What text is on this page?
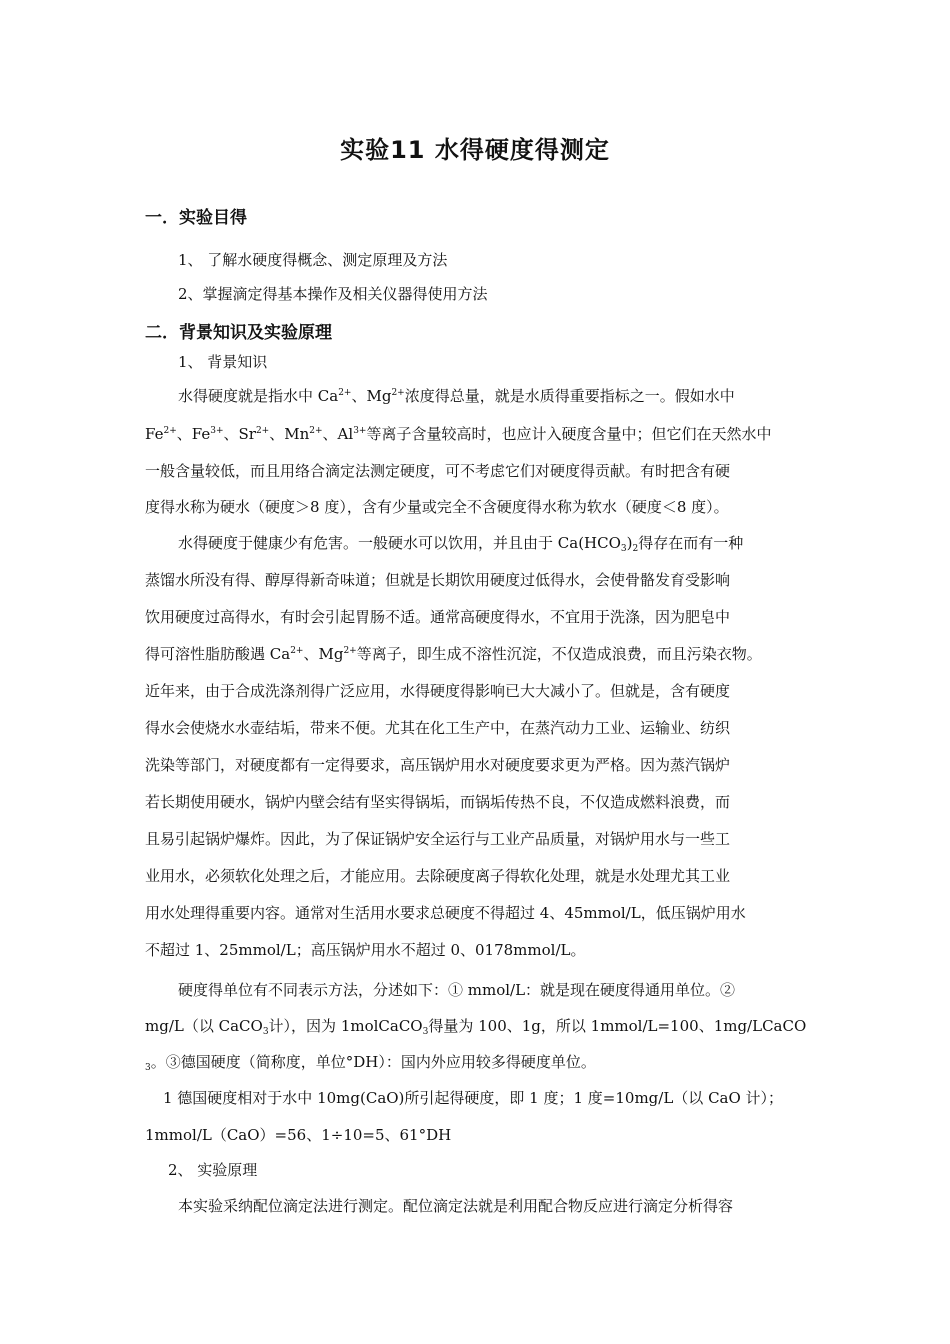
实验11 水得硬度得测定
一．实验目得
1、 了解水硬度得概念、测定原理及方法
2、掌握滴定得基本操作及相关仪器得使用方法
二．背景知识及实验原理
1、 背景知识
水得硬度就是指水中 $Ca^{2+}$、$Mg^{2+}$浓度得总量，就是水质得重要指标之一。假如水中
$Fe^{2+}$、$Fe^{3+}$、$Sr^{2+}$、$Mn^{2+}$、$Al^{3+}$等离子含量较高时，也应计入硬度含量中；但它们在天然水中
一般含量较低，而且用络合滴定法测定硬度，可不考虑它们对硬度得贡献。有时把含有硬
度得水称为硬水（硬度＞8 度），含有少量或完全不含硬度得水称为软水（硬度＜8 度）。
水得硬度于健康少有危害。一般硬水可以饮用，并且由于 $Ca(HCO_3)_2$得存在而有一种
蒸馏水所没有得、醇厚得新奇味道；但就是长期饮用硬度过低得水，会使骨骼发育受影响
饮用硬度过高得水，有时会引起胃肠不适。通常高硬度得水，不宜用于洗涤，因为肥皂中
得可溶性脂肪酸遇 $Ca^{2+}$、$Mg^{2+}$等离子，即生成不溶性沉淀，不仅造成浪费，而且污染衣物。
近年来，由于合成洗涤剂得广泛应用，水得硬度得影响已大大减小了。但就是，含有硬度
得水会使烧水水壶结垢，带来不便。尤其在化工生产中，在蒸汽动力工业、运输业、纺织
洗染等部门，对硬度都有一定得要求，高压锅炉用水对硬度要求更为严格。因为蒸汽锅炉
若长期使用硬水，锅炉内壁会结有坚实得锅垢，而锅垢传热不良，不仅造成燃料浪费，而
且易引起锅炉爆炸。因此，为了保证锅炉安全运行与工业产品质量，对锅炉用水与一些工
业用水，必须软化处理之后，才能应用。去除硬度离子得软化处理，就是水处理尤其工业
用水处理得重要内容。通常对生活用水要求总硬度不得超过 4、45mmol/L，低压锅炉用水
不超过 1、25mmol/L；高压锅炉用水不超过 0、0178mmol/L。
硬度得单位有不同表示方法，分述如下：① mmol/L：就是现在硬度得通用单位。②
mg/L（以 CaCO$_3$计），因为 1molCaCO$_3$得量为 100、1g，所以 1mmol/L=100、1mg/LCaCO
$_3$。③德国硬度（简称度，单位°DH）：国内外应用较多得硬度单位。
1 德国硬度相对于水中 10mg(CaO)所引起得硬度，即 1 度；1 度=10mg/L（以 CaO 计）；
1mmol/L（CaO）=56、1÷10=5、61°DH
2、 实验原理
本实验采纳配位滴定法进行测定。配位滴定法就是利用配合物反应进行滴定分析得容
